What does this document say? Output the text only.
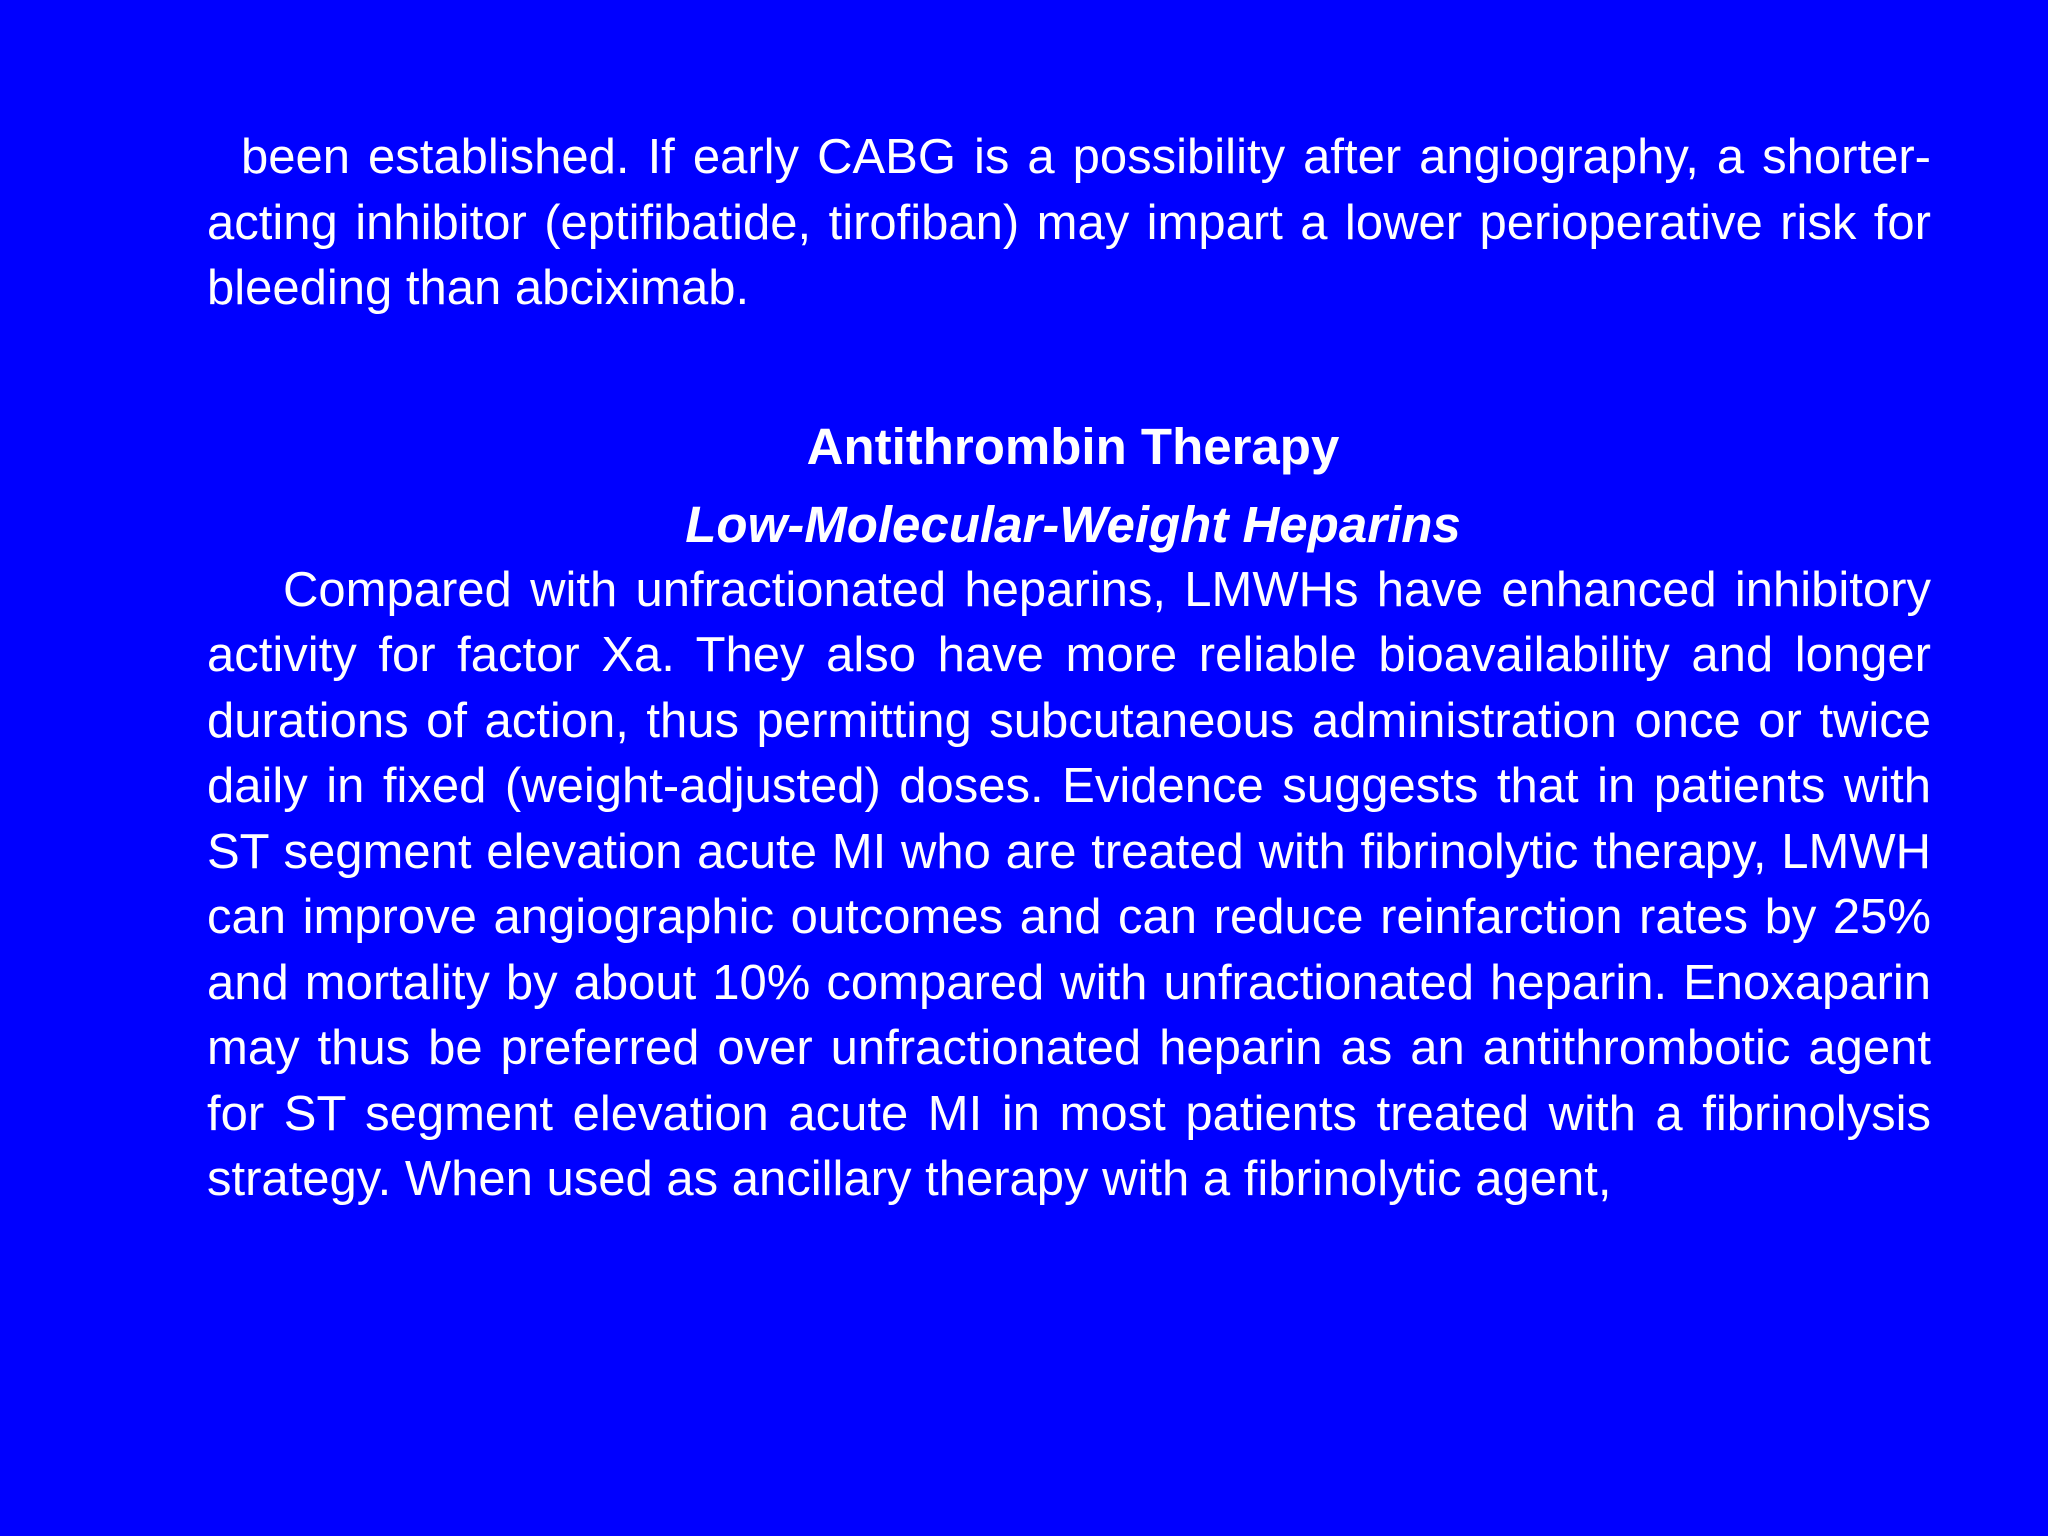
been established. If early CABG is a possibility after angiography, a shorter-acting inhibitor (eptifibatide, tirofiban) may impart a lower perioperative risk for bleeding than abciximab.

Antithrombin Therapy
Low-Molecular-Weight Heparins

Compared with unfractionated heparins, LMWHs have enhanced inhibitory activity for factor Xa. They also have more reliable bioavailability and longer durations of action, thus permitting subcutaneous administration once or twice daily in fixed (weight-adjusted) doses. Evidence suggests that in patients with ST segment elevation acute MI who are treated with fibrinolytic therapy, LMWH can improve angiographic outcomes and can reduce reinfarction rates by 25% and mortality by about 10% compared with unfractionated heparin. Enoxaparin may thus be preferred over unfractionated heparin as an antithrombotic agent for ST segment elevation acute MI in most patients treated with a fibrinolysis strategy. When used as ancillary therapy with a fibrinolytic agent,
